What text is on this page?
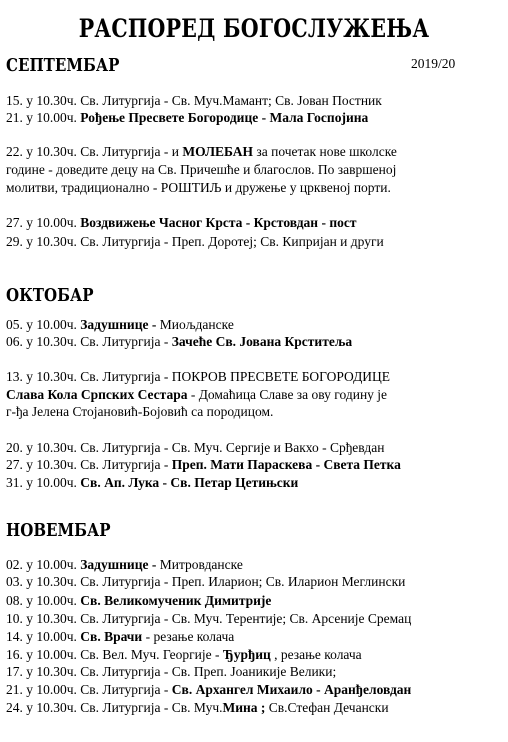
РАСПОРЕД БОГОСЛУЖЕЊА
СЕПТЕМБАР	2019/20
15. у 10.30ч. Св. Литургија - Св. Муч.Мамант; Св. Јован Постник
21. у 10.00ч. Рођење Пресвете Богородице - Мала Госпојина
22. у 10.30ч. Св. Литургија - и МОЛЕБАН за почетак нове школске
године - доведите децу на Св. Причешће и благослов. По завршеној
молитви, традиционално - РОШТИЉ и дружење у црквеној порти.
27. у 10.00ч. Воздвижење Часног Крста - Крстовдан - пост
29. у 10.30ч. Св. Литургија - Преп. Доротеј; Св. Кипријан и други
ОКТОБАР
05. у 10.00ч. Задушнице - Миољданске
06. у 10.30ч. Св. Литургија - Зачеће Св. Јована Крститеља
13. у 10.30ч. Св. Литургија - ПОКРОВ ПРЕСВЕТЕ БОГОРОДИЦЕ
Слава Кола Српских Сестара - Домаћица Славе за ову годину је
г-ђа Јелена Стојановић-Бојовић са породицом.
20. у 10.30ч. Св. Литургија - Св. Муч. Сергије и Вакхо - Срђевдан
27. у 10.30ч. Св. Литургија - Преп. Мати Параскева - Света Петка
31. у 10.00ч. Св. Ап. Лука - Св. Петар Цетињски
НОВЕМБАР
02. у 10.00ч. Задушнице - Митровданске
03. у 10.30ч. Св. Литургија - Преп. Иларион; Св. Иларион Меглински
08. у 10.00ч. Св. Великомученик Димитрије
10. у 10.30ч. Св. Литургија - Св. Муч. Терентије; Св. Арсеније Сремац
14. у 10.00ч. Св. Врачи - резање колача
16. у 10.00ч. Св. Вел. Муч. Георгије - Ђурђиц , резање колача
17. у 10.30ч. Св. Литургија - Св. Преп. Јоаникије Велики;
21. у 10.00ч. Св. Литургија - Св. Архангел Михаило - Аранђеловдан
24. у 10.30ч. Св. Литургија - Св. Муч.Мина ; Св.Стефан Дечански
